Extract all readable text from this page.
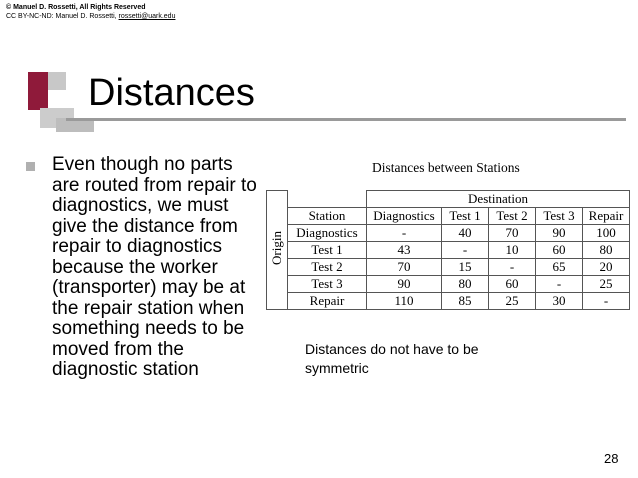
© Manuel D. Rossetti, All Rights Reserved
CC BY-NC-ND: Manuel D. Rossetti, rossetti@uark.edu
Distances
Even though no parts are routed from repair to diagnostics, we must give the distance from repair to diagnostics because the worker (transporter) may be at the repair station when something needs to be moved from the diagnostic station
Distances between Stations
Origin		Destination				
	Station	Diagnostics	Test 1	Test 2	Test 3	Repair
	Diagnostics	-	40	70	90	100
	Test 1	43	-	10	60	80
	Test 2	70	15	-	65	20
	Test 3	90	80	60	-	25
	Repair	110	85	25	30	-
Distances do not have to be symmetric
28
